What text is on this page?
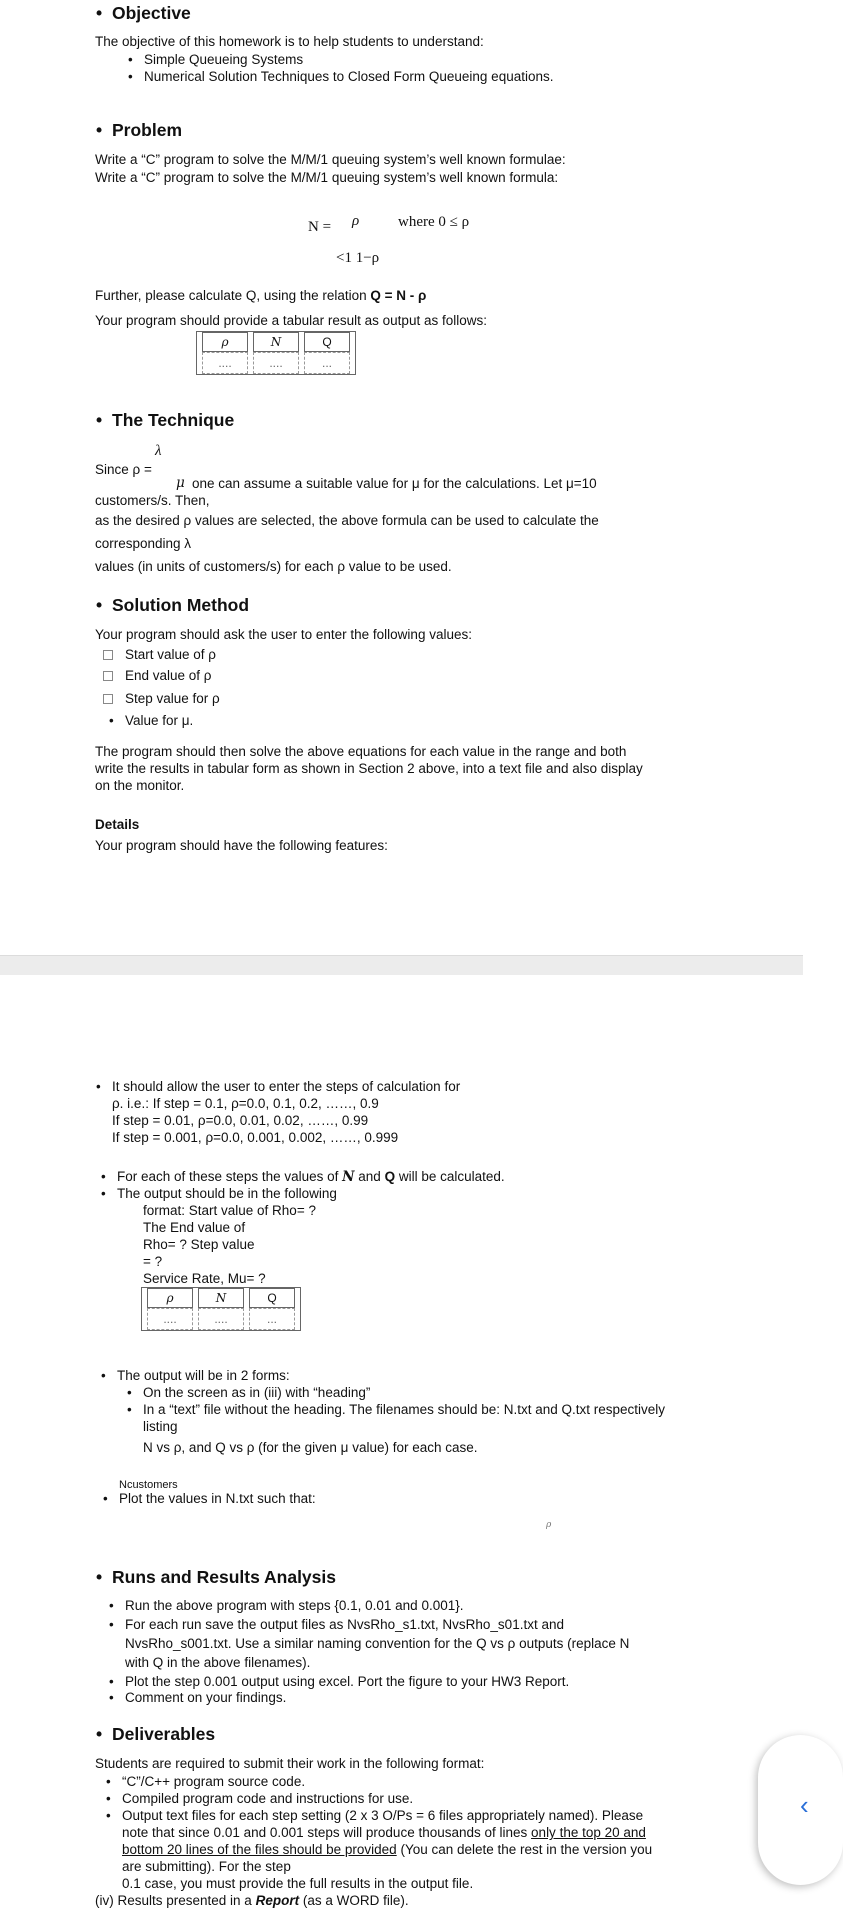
• Objective
The objective of this homework is to help students to understand:
• Simple Queueing Systems
• Numerical Solution Techniques to Closed Form Queueing equations.
• Problem
Write a “C” program to solve the M/M/1 queuing system’s well known formulae:
Write a “C” program to solve the M/M/1 queuing system’s well known formula:
N = ρ	where 0 ≤ ρ
<1 1−ρ
Further, please calculate Q, using the relation Q = N - ρ
Your program should provide a tabular result as output as follows:
ρ	N	Q
....	....	...
• The Technique
λ
Since ρ =
μ one can assume a suitable value for μ for the calculations. Let μ=10
customers/s. Then,
as the desired ρ values are selected, the above formula can be used to calculate the
corresponding λ
values (in units of customers/s) for each ρ value to be used.
• Solution Method
Your program should ask the user to enter the following values:
Start value of ρ
End value of ρ
Step value for ρ
• Value for μ.
The program should then solve the above equations for each value in the range and both
write the results in tabular form as shown in Section 2 above, into a text file and also display
on the monitor.
Details
Your program should have the following features:
• It should allow the user to enter the steps of calculation for
ρ. i.e.: If step = 0.1, ρ=0.0, 0.1, 0.2, ……, 0.9
If step = 0.01, ρ=0.0, 0.01, 0.02, ……, 0.99
If step = 0.001, ρ=0.0, 0.001, 0.002, ……, 0.999
• For each of these steps the values of N and Q will be calculated.
• The output should be in the following
format: Start value of Rho= ?
The End value of
Rho= ? Step value
= ?
Service Rate, Mu= ?
ρ	N	Q
....	....	...
• The output will be in 2 forms:
• On the screen as in (iii) with “heading”
• In a “text” file without the heading. The filenames should be: N.txt and Q.txt respectively
listing
N vs ρ, and Q vs ρ (for the given μ value) for each case.
Ncustomers
• Plot the values in N.txt such that:
ρ
• Runs and Results Analysis
• Run the above program with steps {0.1, 0.01 and 0.001}.
• For each run save the output files as NvsRho_s1.txt, NvsRho_s01.txt and
NvsRho_s001.txt. Use a similar naming convention for the Q vs ρ outputs (replace N
with Q in the above filenames).
• Plot the step 0.001 output using excel. Port the figure to your HW3 Report.
• Comment on your findings.
• Deliverables
Students are required to submit their work in the following format:
• “C”/C++ program source code.
• Compiled program code and instructions for use.
• Output text files for each step setting (2 x 3 O/Ps = 6 files appropriately named). Please
note that since 0.01 and 0.001 steps will produce thousands of lines only the top 20 and
bottom 20 lines of the files should be provided (You can delete the rest in the version you
are submitting). For the step
0.1 case, you must provide the full results in the output file.
(iv) Results presented in a Report (as a WORD file).
‹
